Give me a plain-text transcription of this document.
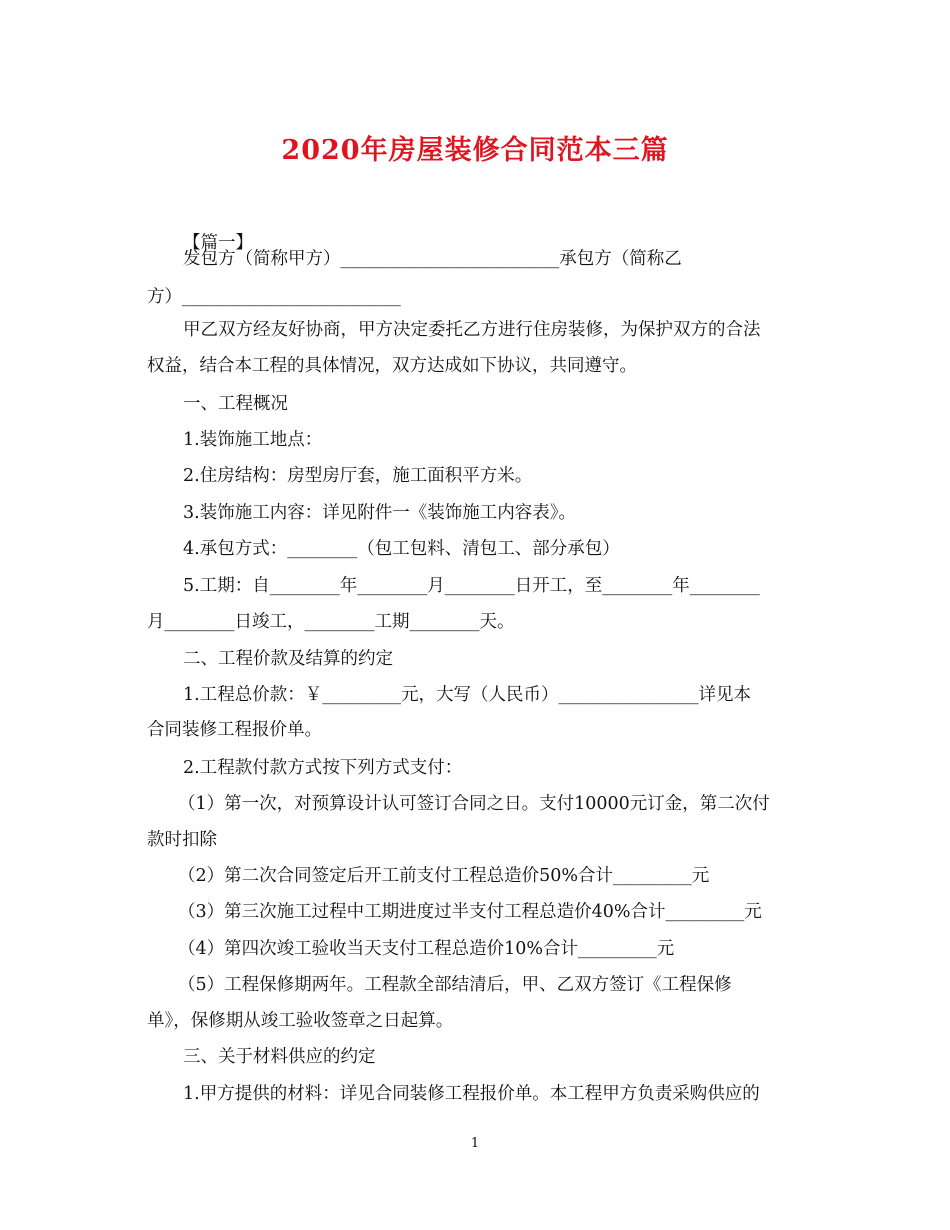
2020年房屋装修合同范本三篇
【篇一】
发包方（简称甲方）_________________________承包方（简称乙
方）_________________________
甲乙双方经友好协商，甲方决定委托乙方进行住房装修，为保护双方的合法
权益，结合本工程的具体情况，双方达成如下协议，共同遵守。
一、工程概况
1.装饰施工地点：
2.住房结构：房型房厅套，施工面积平方米。
3.装饰施工内容：详见附件一《装饰施工内容表》。
4.承包方式：________（包工包料、清包工、部分承包）
5.工期：自________年________月________日开工，至________年________
月________日竣工，________工期________天。
二、工程价款及结算的约定
1.工程总价款：￥_________元，大写（人民币）________________详见本
合同装修工程报价单。
2.工程款付款方式按下列方式支付：
（1）第一次，对预算设计认可签订合同之日。支付10000元订金，第二次付
款时扣除
（2）第二次合同签定后开工前支付工程总造价50%合计_________元
（3）第三次施工过程中工期进度过半支付工程总造价40%合计_________元
（4）第四次竣工验收当天支付工程总造价10%合计_________元
（5）工程保修期两年。工程款全部结清后，甲、乙双方签订《工程保修
单》，保修期从竣工验收签章之日起算。
三、关于材料供应的约定
1.甲方提供的材料：详见合同装修工程报价单。本工程甲方负责采购供应的
1
